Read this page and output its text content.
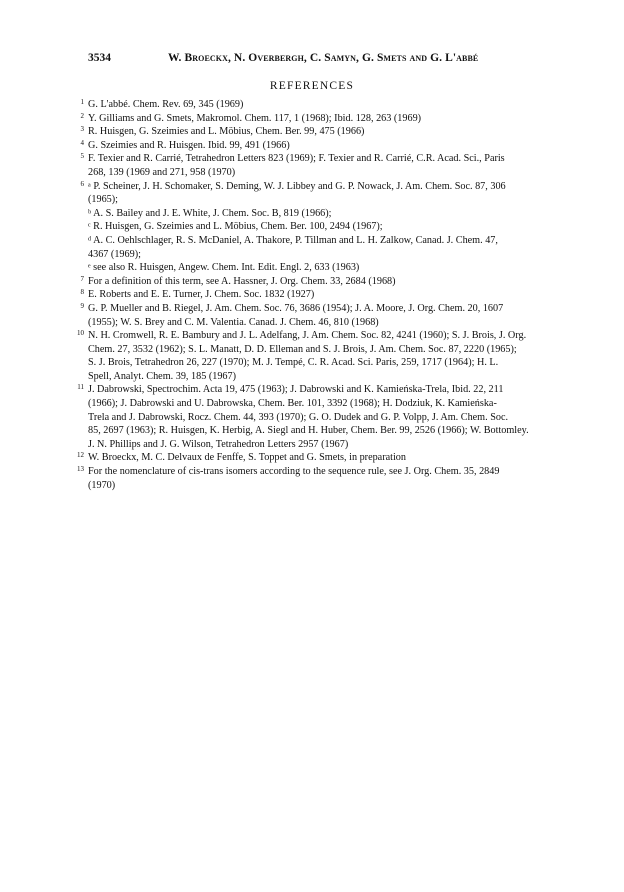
3534	W. Broeckx, N. Overbergh, C. Samyn, G. Smets and G. L'abbé
REFERENCES
1 G. L'abbé. Chem. Rev. 69, 345 (1969)
2 Y. Gilliams and G. Smets, Makromol. Chem. 117, 1 (1968); Ibid. 128, 263 (1969)
3 R. Huisgen, G. Szeimies and L. Möbius, Chem. Ber. 99, 475 (1966)
4 G. Szeimies and R. Huisgen. Ibid. 99, 491 (1966)
5 F. Texier and R. Carrié, Tetrahedron Letters 823 (1969); F. Texier and R. Carrié, C.R. Acad. Sci., Paris
268, 139 (1969 and 271, 958 (1970)
6 ᵃ P. Scheiner, J. H. Schomaker, S. Deming, W. J. Libbey and G. P. Nowack, J. Am. Chem. Soc. 87, 306
(1965);
ᵇ A. S. Bailey and J. E. White, J. Chem. Soc. B, 819 (1966);
ᶜ R. Huisgen, G. Szeimies and L. Möbius, Chem. Ber. 100, 2494 (1967);
ᵈ A. C. Oehlschlager, R. S. McDaniel, A. Thakore, P. Tillman and L. H. Zalkow, Canad. J. Chem. 47,
4367 (1969);
ᵉ see also R. Huisgen, Angew. Chem. Int. Edit. Engl. 2, 633 (1963)
7 For a definition of this term, see A. Hassner, J. Org. Chem. 33, 2684 (1968)
8 E. Roberts and E. E. Turner, J. Chem. Soc. 1832 (1927)
9 G. P. Mueller and B. Riegel, J. Am. Chem. Soc. 76, 3686 (1954); J. A. Moore, J. Org. Chem. 20, 1607
(1955); W. S. Brey and C. M. Valentia. Canad. J. Chem. 46, 810 (1968)
10 N. H. Cromwell, R. E. Bambury and J. L. Adelfang, J. Am. Chem. Soc. 82, 4241 (1960); S. J. Brois, J. Org.
Chem. 27, 3532 (1962); S. L. Manatt, D. D. Elleman and S. J. Brois, J. Am. Chem. Soc. 87, 2220 (1965);
S. J. Brois, Tetrahedron 26, 227 (1970); M. J. Tempé, C. R. Acad. Sci. Paris, 259, 1717 (1964); H. L.
Spell, Analyt. Chem. 39, 185 (1967)
11 J. Dabrowski, Spectrochim. Acta 19, 475 (1963); J. Dabrowski and K. Kamieńska-Trela, Ibid. 22, 211
(1966); J. Dabrowski and U. Dabrowska, Chem. Ber. 101, 3392 (1968); H. Dodziuk, K. Kamieńska-
Trela and J. Dabrowski, Rocz. Chem. 44, 393 (1970); G. O. Dudek and G. P. Volpp, J. Am. Chem. Soc.
85, 2697 (1963); R. Huisgen, K. Herbig, A. Siegl and H. Huber, Chem. Ber. 99, 2526 (1966); W. Bottomley.
J. N. Phillips and J. G. Wilson, Tetrahedron Letters 2957 (1967)
12 W. Broeckx, M. C. Delvaux de Fenffe, S. Toppet and G. Smets, in preparation
13 For the nomenclature of cis-trans isomers according to the sequence rule, see J. Org. Chem. 35, 2849
(1970)
